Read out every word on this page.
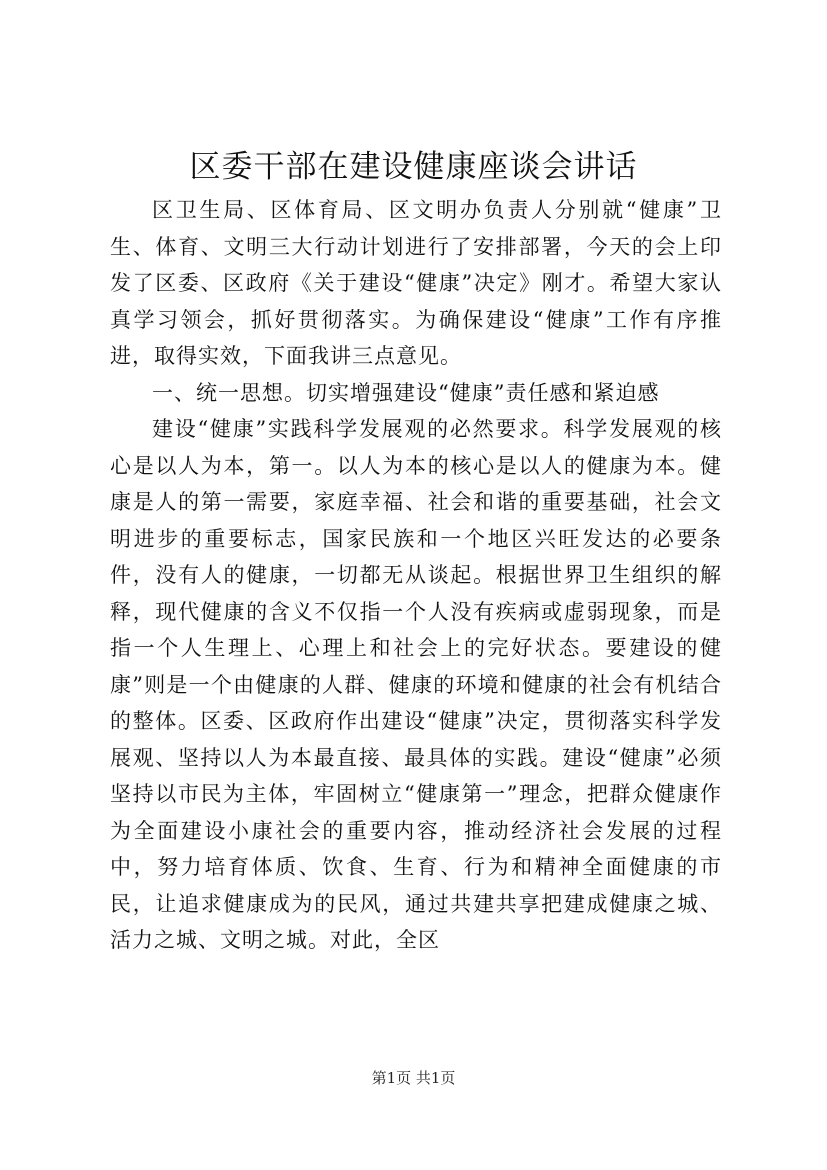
区委干部在建设健康座谈会讲话

区卫生局、区体育局、区文明办负责人分别就“健康”卫生、体育、文明三大行动计划进行了安排部署，今天的会上印发了区委、区政府《关于建设“健康”决定》刚才。希望大家认真学习领会，抓好贯彻落实。为确保建设“健康”工作有序推进，取得实效，下面我讲三点意见。

一、统一思想。切实增强建设“健康”责任感和紧迫感

建设“健康”实践科学发展观的必然要求。科学发展观的核心是以人为本，第一。以人为本的核心是以人的健康为本。健康是人的第一需要，家庭幸福、社会和谐的重要基础，社会文明进步的重要标志，国家民族和一个地区兴旺发达的必要条件，没有人的健康，一切都无从谈起。根据世界卫生组织的解释，现代健康的含义不仅指一个人没有疾病或虚弱现象，而是指一个人生理上、心理上和社会上的完好状态。要建设的健康”则是一个由健康的人群、健康的环境和健康的社会有机结合的整体。区委、区政府作出建设“健康”决定，贯彻落实科学发展观、坚持以人为本最直接、最具体的实践。建设“健康”必须坚持以市民为主体，牢固树立“健康第一”理念，把群众健康作为全面建设小康社会的重要内容，推动经济社会发展的过程中，努力培育体质、饮食、生育、行为和精神全面健康的市民，让追求健康成为的民风，通过共建共享把建成健康之城、活力之城、文明之城。对此，全区

第1页 共1页
